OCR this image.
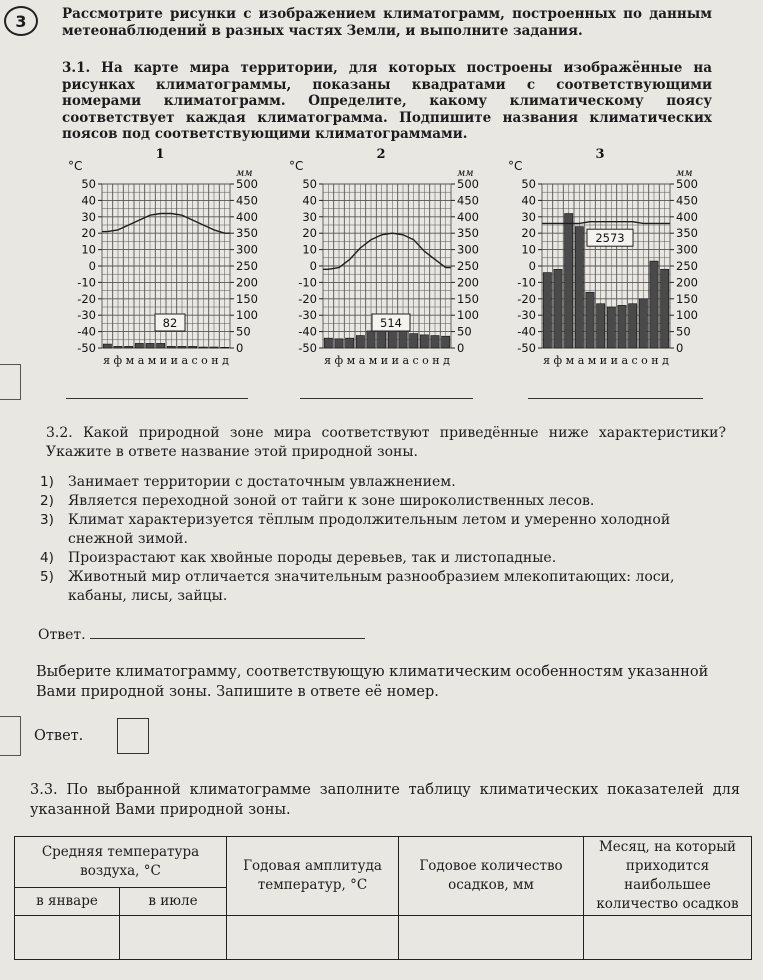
3	Рассмотрите рисунки с изображением климатограмм, построенных по данным метеонаблюдений в разных частях Земли, и выполните задания.
3.1. На карте мира территории, для которых построены изображённые на рисунках климатограммы, показаны квадратами с соответствующими номерами климатограмм. Определите, какому климатическому поясу соответствует каждая климатограмма. Подпишите названия климатических поясов под соответствующими климатограммами.
1
°C
мм
50
40
30
20
10
0
-10
-20
-30
-40
-50
500
450
400
350
300
250
200
150
100
50
0
82
я ф м а м и и а с о н д
2
°C
мм
50
40
30
20
10
0
-10
-20
-30
-40
-50
500
450
400
350
300
250
200
150
100
50
0
514
я ф м а м и и а с о н д
3
°C
мм
50
40
30
20
10
0
-10
-20
-30
-40
-50
500
450
400
350
300
250
200
150
100
50
0
2573
я ф м а м и и а с о н д
3.2. Какой природной зоне мира соответствуют приведённые ниже характеристики? Укажите в ответе название этой природной зоны.
1)	Занимает территории с достаточным увлажнением.
2)	Является переходной зоной от тайги к зоне широколиственных лесов.
3)	Климат характеризуется тёплым продолжительным летом и умеренно холодной снежной зимой.
4)	Произрастают как хвойные породы деревьев, так и листопадные.
5)	Животный мир отличается значительным разнообразием млекопитающих: лоси, кабаны, лисы, зайцы.
Ответ.
Выберите климатограмму, соответствующую климатическим особенностям указанной Вами природной зоны. Запишите в ответе её номер.
Ответ.
3.3. По выбранной климатограмме заполните таблицу климатических показателей для указанной Вами природной зоны.
Средняя температура воздуха, °C		Годовая амплитуда температур, °C	Годовое количество осадков, мм	Месяц, на который приходится наибольшее количество осадков
в январе	в июле			
